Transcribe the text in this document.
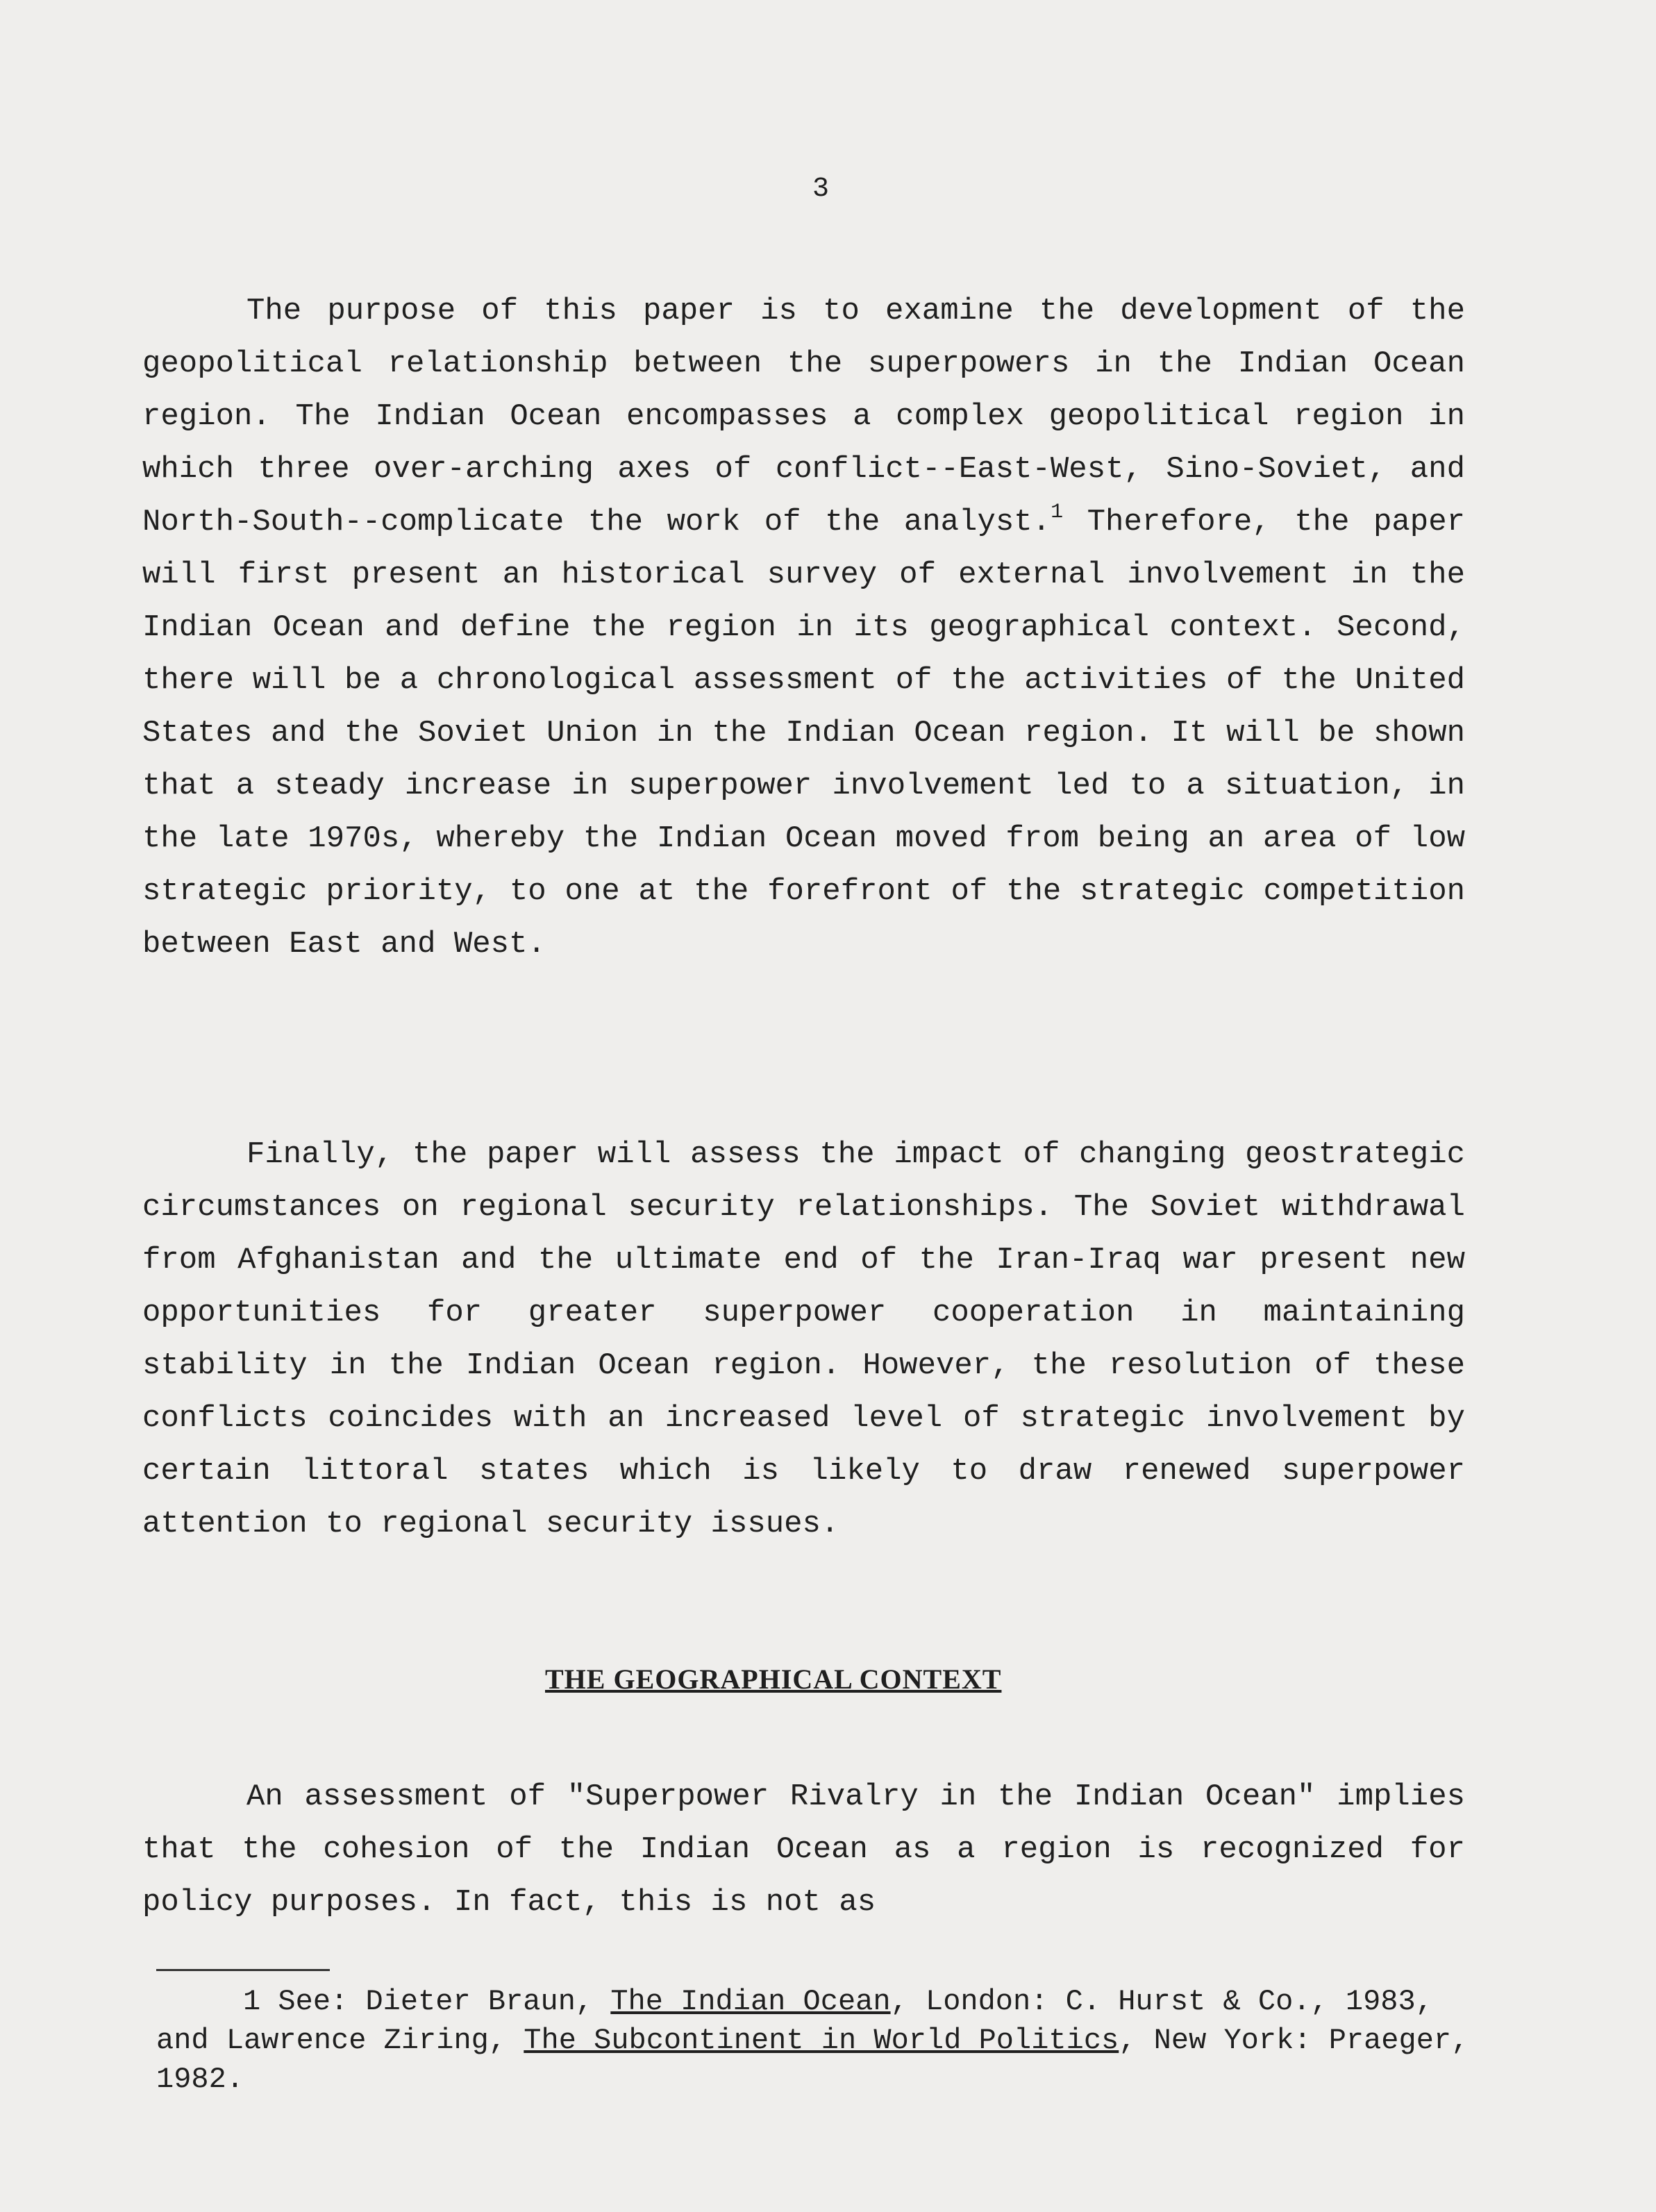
3

The purpose of this paper is to examine the development of the geopolitical relationship between the superpowers in the Indian Ocean region. The Indian Ocean encompasses a complex geopolitical region in which three over-arching axes of conflict--East-West, Sino-Soviet, and North-South--complicate the work of the analyst.$^1$ Therefore, the paper will first present an historical survey of external involvement in the Indian Ocean and define the region in its geographical context. Second, there will be a chronological assessment of the activities of the United States and the Soviet Union in the Indian Ocean region. It will be shown that a steady increase in superpower involvement led to a situation, in the late 1970s, whereby the Indian Ocean moved from being an area of low strategic priority, to one at the forefront of the strategic competition between East and West.

Finally, the paper will assess the impact of changing geostrategic circumstances on regional security relationships. The Soviet withdrawal from Afghanistan and the ultimate end of the Iran-Iraq war present new opportunities for greater superpower cooperation in maintaining stability in the Indian Ocean region. However, the resolution of these conflicts coincides with an increased level of strategic involvement by certain littoral states which is likely to draw renewed superpower attention to regional security issues.

THE GEOGRAPHICAL CONTEXT

An assessment of "Superpower Rivalry in the Indian Ocean" implies that the cohesion of the Indian Ocean as a region is recognized for policy purposes. In fact, this is not as

1 See: Dieter Braun, The Indian Ocean, London: C. Hurst & Co., 1983, and Lawrence Ziring, The Subcontinent in World Politics, New York: Praeger, 1982.
